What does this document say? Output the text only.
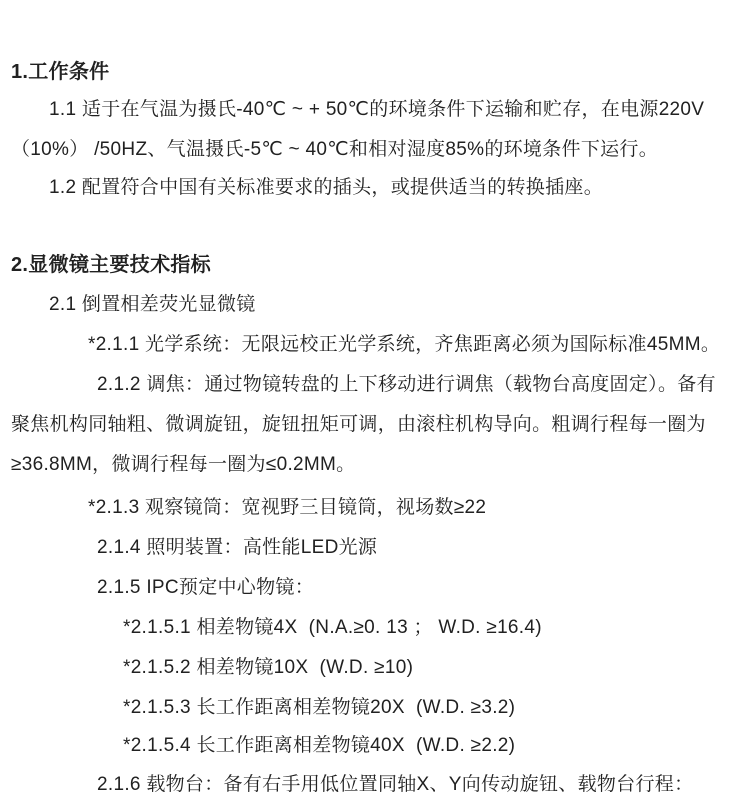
1.工作条件
1.1 适于在气温为摄氏-40℃ ~ + 50℃的环境条件下运输和贮存，在电源220V
（10%） /50HZ、气温摄氏-5℃ ~ 40℃和相对湿度85%的环境条件下运行。
1.2 配置符合中国有关标准要求的插头，或提供适当的转换插座。
2.显微镜主要技术指标
2.1 倒置相差荧光显微镜
*2.1.1 光学系统：无限远校正光学系统，齐焦距离必须为国际标准45MM。
2.1.2 调焦：通过物镜转盘的上下移动进行调焦（载物台高度固定）。备有
聚焦机构同轴粗、微调旋钮，旋钮扭矩可调，由滚柱机构导向。粗调行程每一圈为
≥36.8MM，微调行程每一圈为≤0.2MM。
*2.1.3 观察镜筒：宽视野三目镜筒，视场数≥22
2.1.4 照明装置：高性能LED光源
2.1.5 IPC预定中心物镜：
*2.1.5.1 相差物镜4X  (N.A.≥0. 13 ； W.D. ≥16.4)
*2.1.5.2 相差物镜10X  (W.D. ≥10)
*2.1.5.3 长工作距离相差物镜20X  (W.D. ≥3.2)
*2.1.5.4 长工作距离相差物镜40X  (W.D. ≥2.2)
2.1.6 载物台：备有右手用低位置同轴X、Y向传动旋钮、载物台行程：
